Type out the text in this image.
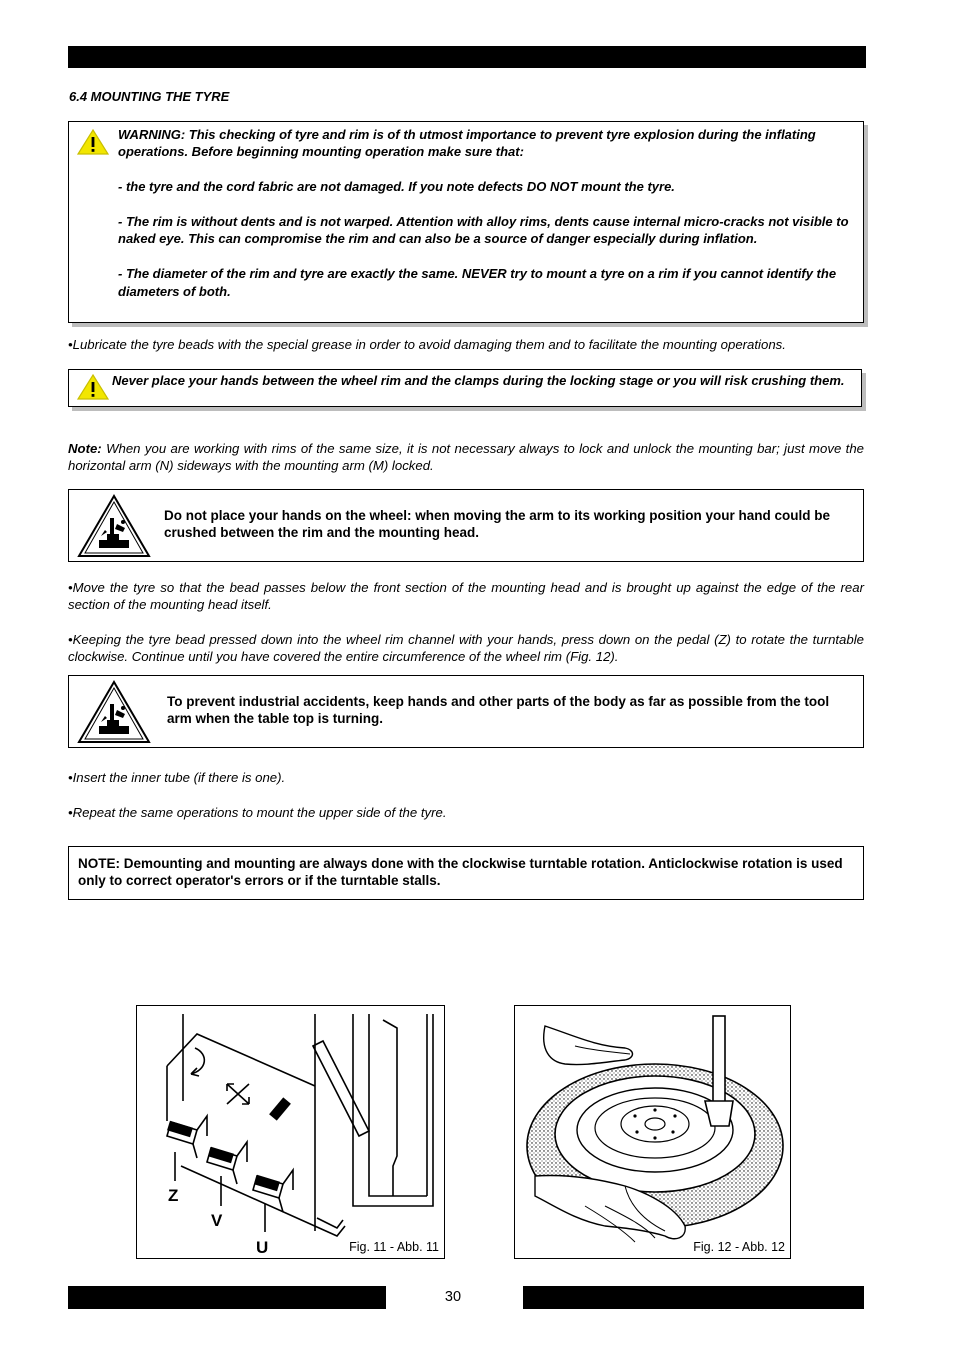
6.4 MOUNTING THE TYRE

WARNING: This checking of tyre and rim is of th utmost importance to prevent tyre explosion during the inflating operations. Before beginning mounting operation make sure that:

- the tyre and the cord fabric are not damaged. If you note defects DO NOT mount the tyre.

- The rim is without dents and is not warped. Attention with alloy rims, dents cause internal micro-cracks not visible to naked eye. This can compromise the rim and can also be a source of danger especially during inflation.

- The diameter of the rim and tyre are exactly the same. NEVER try to mount a tyre on a rim if you cannot identify the diameters of both.

•Lubricate the tyre beads with the special grease in order to avoid damaging them and to facilitate the mounting operations.
Never place your hands between the wheel rim and the clamps during the locking stage or you will risk crushing them.
Note: When you are working with rims of the same size, it is not necessary always to lock and unlock the mounting bar; just move the horizontal arm (N) sideways with the mounting arm (M) locked.
Do not place your hands on the wheel: when moving the arm to its working position your hand could be crushed between the rim and the mounting head.
•Move the tyre so that the bead passes below the front section of the mounting head and is brought up against the edge of the rear section of the mounting head itself.
•Keeping the tyre bead pressed down into the wheel rim channel with your hands, press down on the pedal (Z) to rotate the turntable clockwise. Continue until you have covered the entire circumference of the wheel rim (Fig. 12).
To prevent industrial accidents, keep hands and other parts of the body as far as possible from the tool arm when the table top is turning.
•Insert the inner tube (if there is one).
•Repeat the same operations to mount the upper side of the tyre.
NOTE: Demounting and mounting are always done with the clockwise turntable rotation. Anticlockwise rotation is used only to correct operator's errors or if the turntable stalls.
Z
V
U	Fig. 11 - Abb. 11	Fig. 12 - Abb. 12
30
